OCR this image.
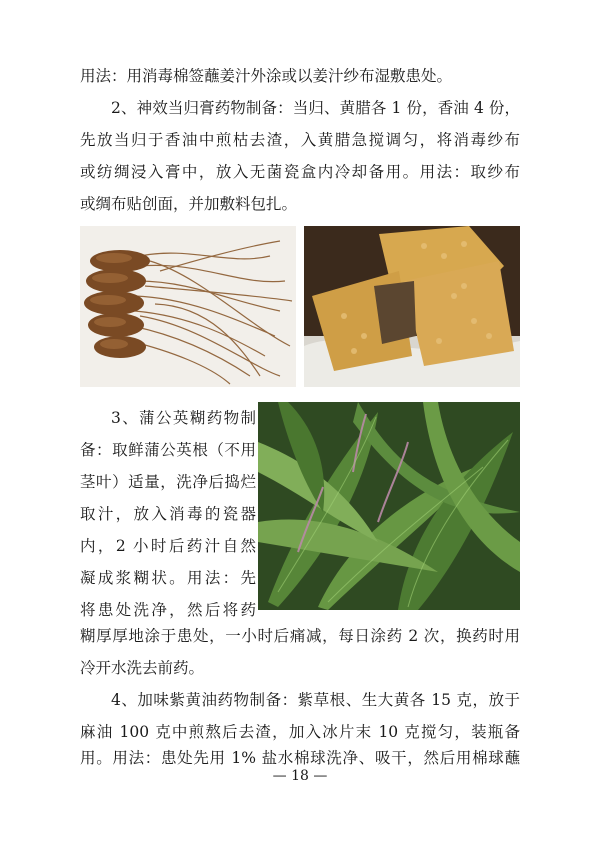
用法：用消毒棉签蘸姜汁外涂或以姜汁纱布湿敷患处。
2、神效当归膏药物制备：当归、黄腊各 1 份，香油 4 份，
先放当归于香油中煎枯去渣，入黄腊急搅调匀，将消毒纱布
或纺绸浸入膏中，放入无菌瓷盒内冷却备用。用法：取纱布
或绸布贴创面，并加敷料包扎。
3、蒲公英糊药物制
备：取鲜蒲公英根（不用
茎叶）适量，洗净后捣烂
取汁，放入消毒的瓷器
内，2 小时后药汁自然
凝成浆糊状。用法：先
将患处洗净，然后将药
糊厚厚地涂于患处，一小时后痛减，每日涂药 2 次，换药时用
冷开水洗去前药。
4、加味紫黄油药物制备：紫草根、生大黄各 15 克，放于
麻油 100 克中煎熬后去渣，加入冰片末 10 克搅匀，装瓶备
用。用法：患处先用 1% 盐水棉球洗净、吸干，然后用棉球蘸
— 18 —
